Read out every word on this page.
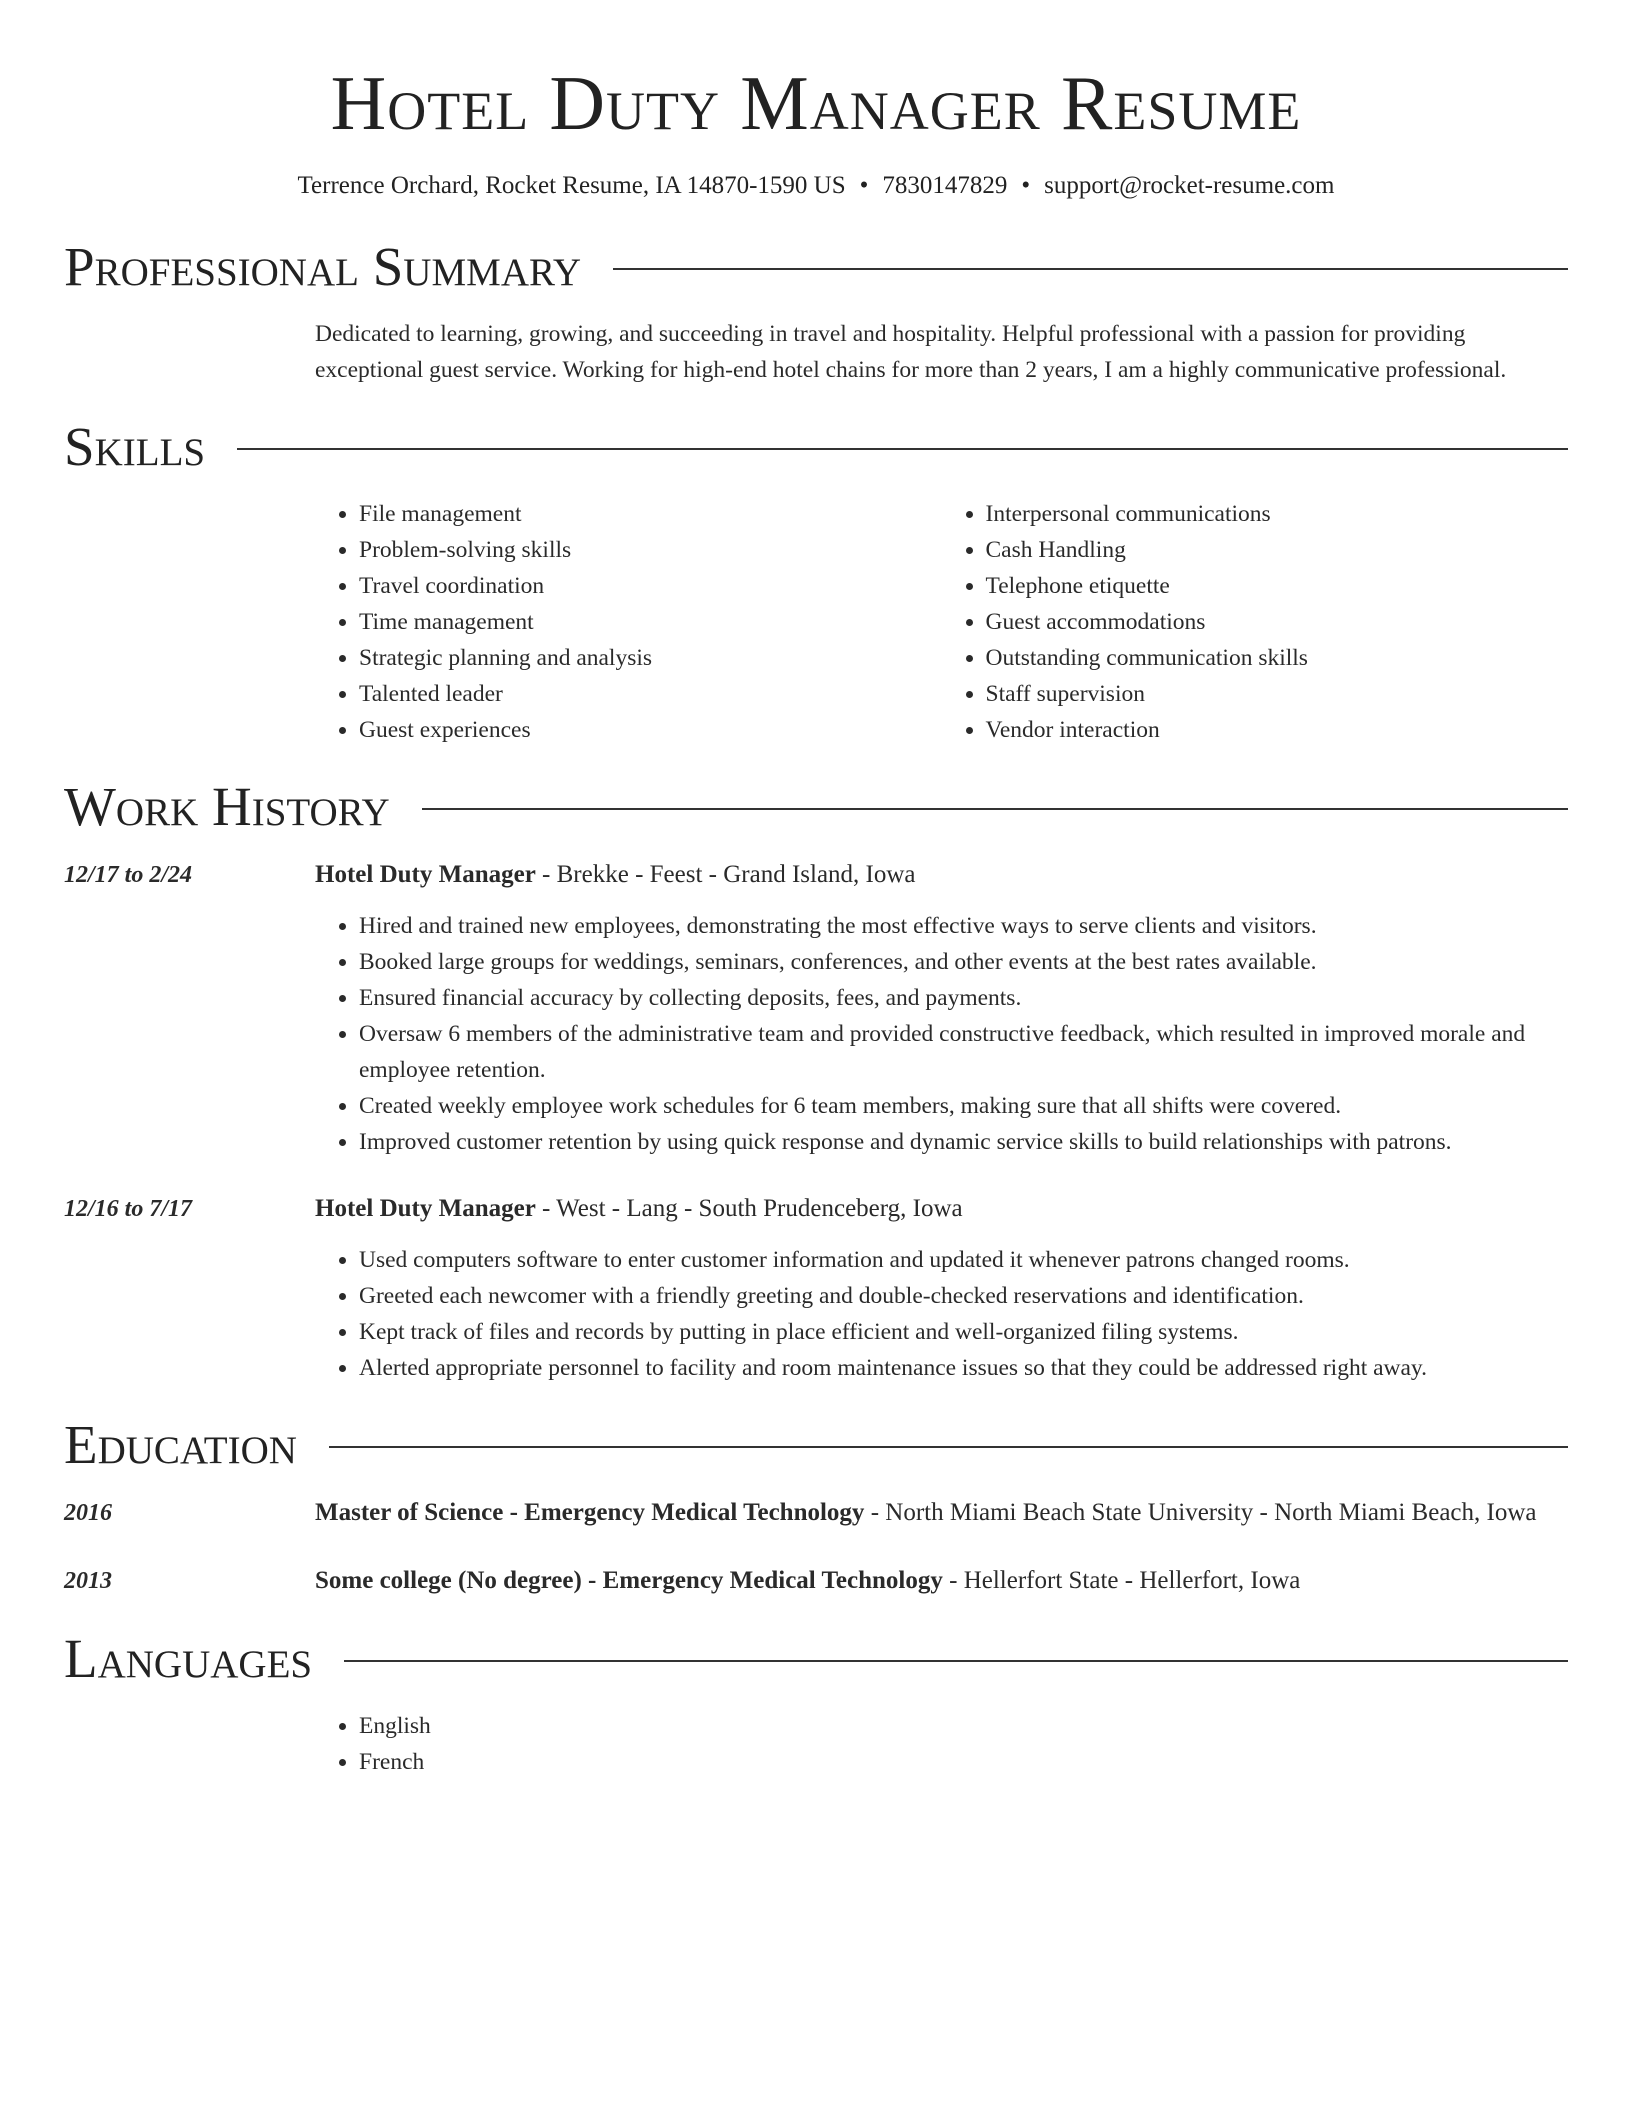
Hotel Duty Manager Resume
Terrence Orchard, Rocket Resume, IA 14870-1590 US • 7830147829 • support@rocket-resume.com
Professional Summary

Dedicated to learning, growing, and succeeding in travel and hospitality. Helpful professional with a passion for providing exceptional guest service. Working for high-end hotel chains for more than 2 years, I am a highly communicative professional.

Skills
• File management
• Problem-solving skills
• Travel coordination
• Time management
• Strategic planning and analysis
• Talented leader
• Guest experiences
• Interpersonal communications
• Cash Handling
• Telephone etiquette
• Guest accommodations
• Outstanding communication skills
• Staff supervision
• Vendor interaction
Work History
12/17 to 2/24	Hotel Duty Manager - Brekke - Feest - Grand Island, Iowa
• Hired and trained new employees, demonstrating the most effective ways to serve clients and visitors.
• Booked large groups for weddings, seminars, conferences, and other events at the best rates available.
• Ensured financial accuracy by collecting deposits, fees, and payments.
• Oversaw 6 members of the administrative team and provided constructive feedback, which resulted in improved morale and employee retention.
• Created weekly employee work schedules for 6 team members, making sure that all shifts were covered.
• Improved customer retention by using quick response and dynamic service skills to build relationships with patrons.
12/16 to 7/17	Hotel Duty Manager - West - Lang - South Prudenceberg, Iowa
• Used computers software to enter customer information and updated it whenever patrons changed rooms.
• Greeted each newcomer with a friendly greeting and double-checked reservations and identification.
• Kept track of files and records by putting in place efficient and well-organized filing systems.
• Alerted appropriate personnel to facility and room maintenance issues so that they could be addressed right away.
Education
2016	Master of Science - Emergency Medical Technology - North Miami Beach State University - North Miami Beach, Iowa
2013	Some college (No degree) - Emergency Medical Technology - Hellerfort State - Hellerfort, Iowa
Languages
• English
• French
